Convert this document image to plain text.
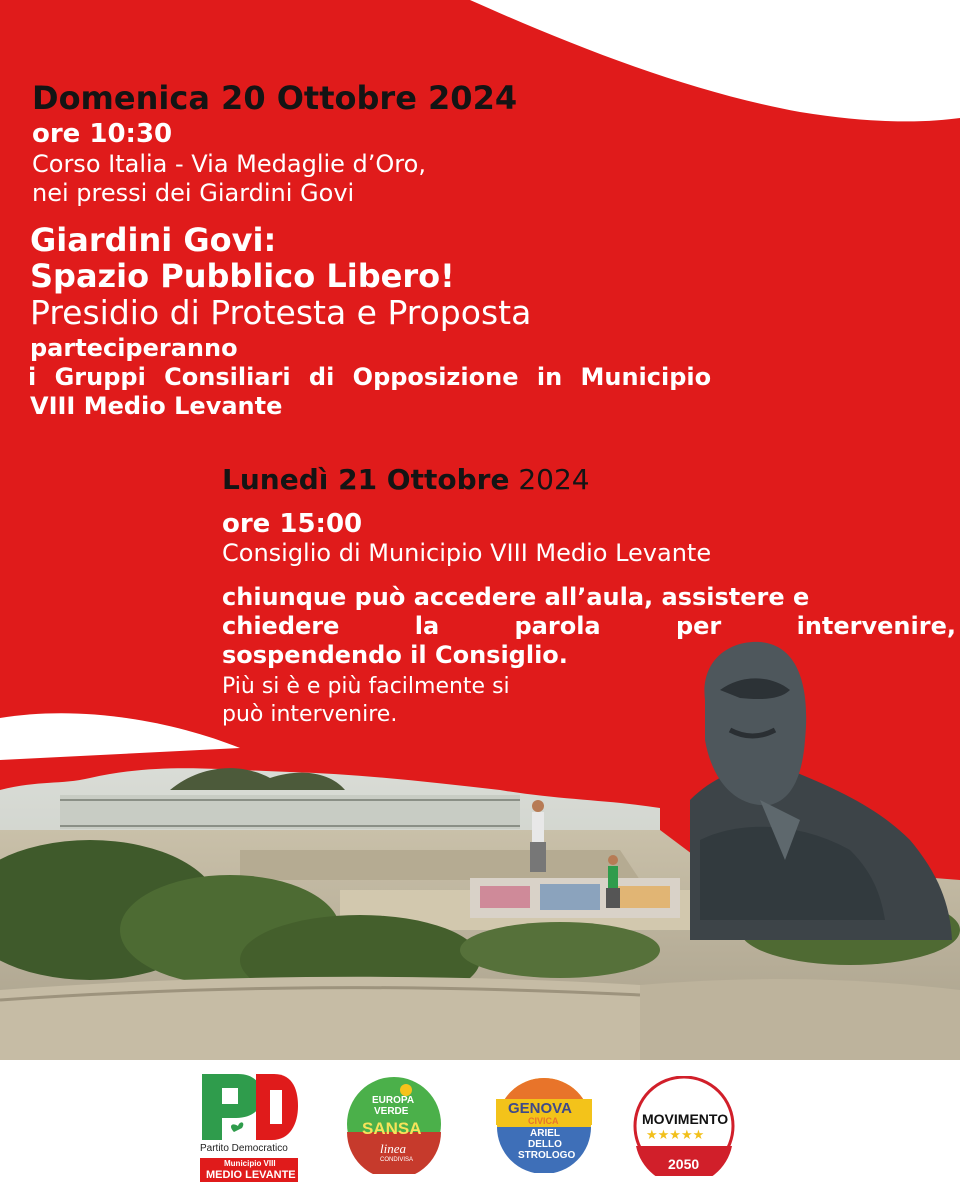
Domenica 20 Ottobre 2024

ore 10:30

Corso Italia - Via Medaglie d’Oro,

nei pressi dei Giardini Govi

Giardini Govi:

Spazio Pubblico Libero!

Presidio di Protesta e Proposta

parteciperanno

i Gruppi Consiliari di Opposizione in Municipio

VIII Medio Levante

Lunedì 21 Ottobre 2024

ore 15:00

Consiglio di Municipio VIII Medio Levante

chiunque può accedere all’aula, assistere e

chiedere	la	parola	per	intervenire,

sospendendo il Consiglio.

Più si è e più facilmente si

può intervenire.

Partito Democratico
Municipio VIII
MEDIO LEVANTE
EUROPA
VERDE
SANSA
linea
CONDIVISA
GENOVA
CIVICA
ARIEL
DELLO
STROLOGO
MOVIMENTO
★★★★★
2050
